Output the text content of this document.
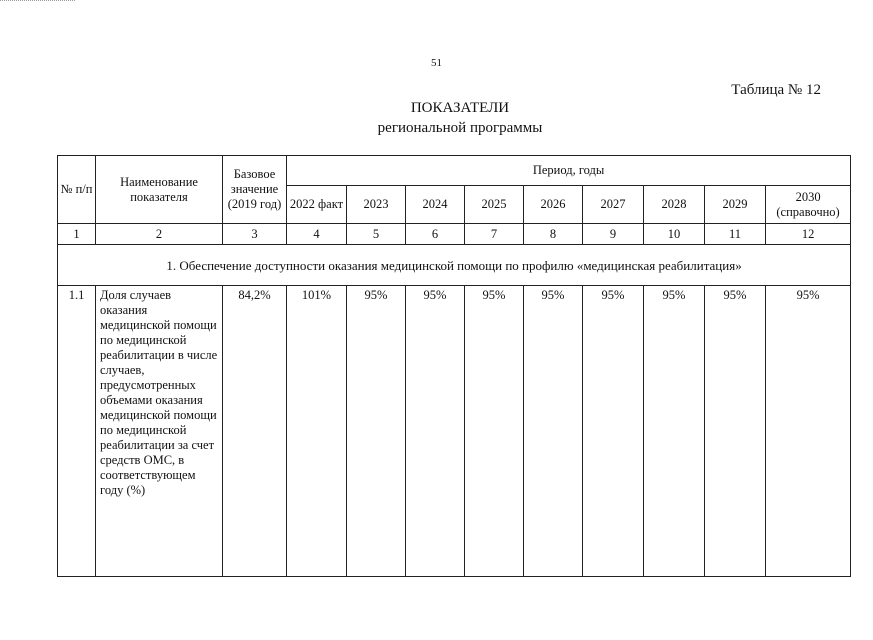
51
Таблица № 12
ПОКАЗАТЕЛИ
региональной программы
№ п/п	Наименование показателя	Базовое значение (2019 год)	Период, годы								
			2022 факт	2023	2024	2025	2026	2027	2028	2029	2030 (справочно)
1	2	3	4	5	6	7	8	9	10	11	12
1. Обеспечение доступности оказания медицинской помощи по профилю «медицинская реабилитация»											
1.1	Доля случаев оказания медицинской помощи по медицинской реабилитации в числе случаев, предусмотренных объемами оказания медицинской помощи по медицинской реабилитации за счет средств ОМС, в соответствующем году (%)	84,2%	101%	95%	95%	95%	95%	95%	95%	95%	95%
